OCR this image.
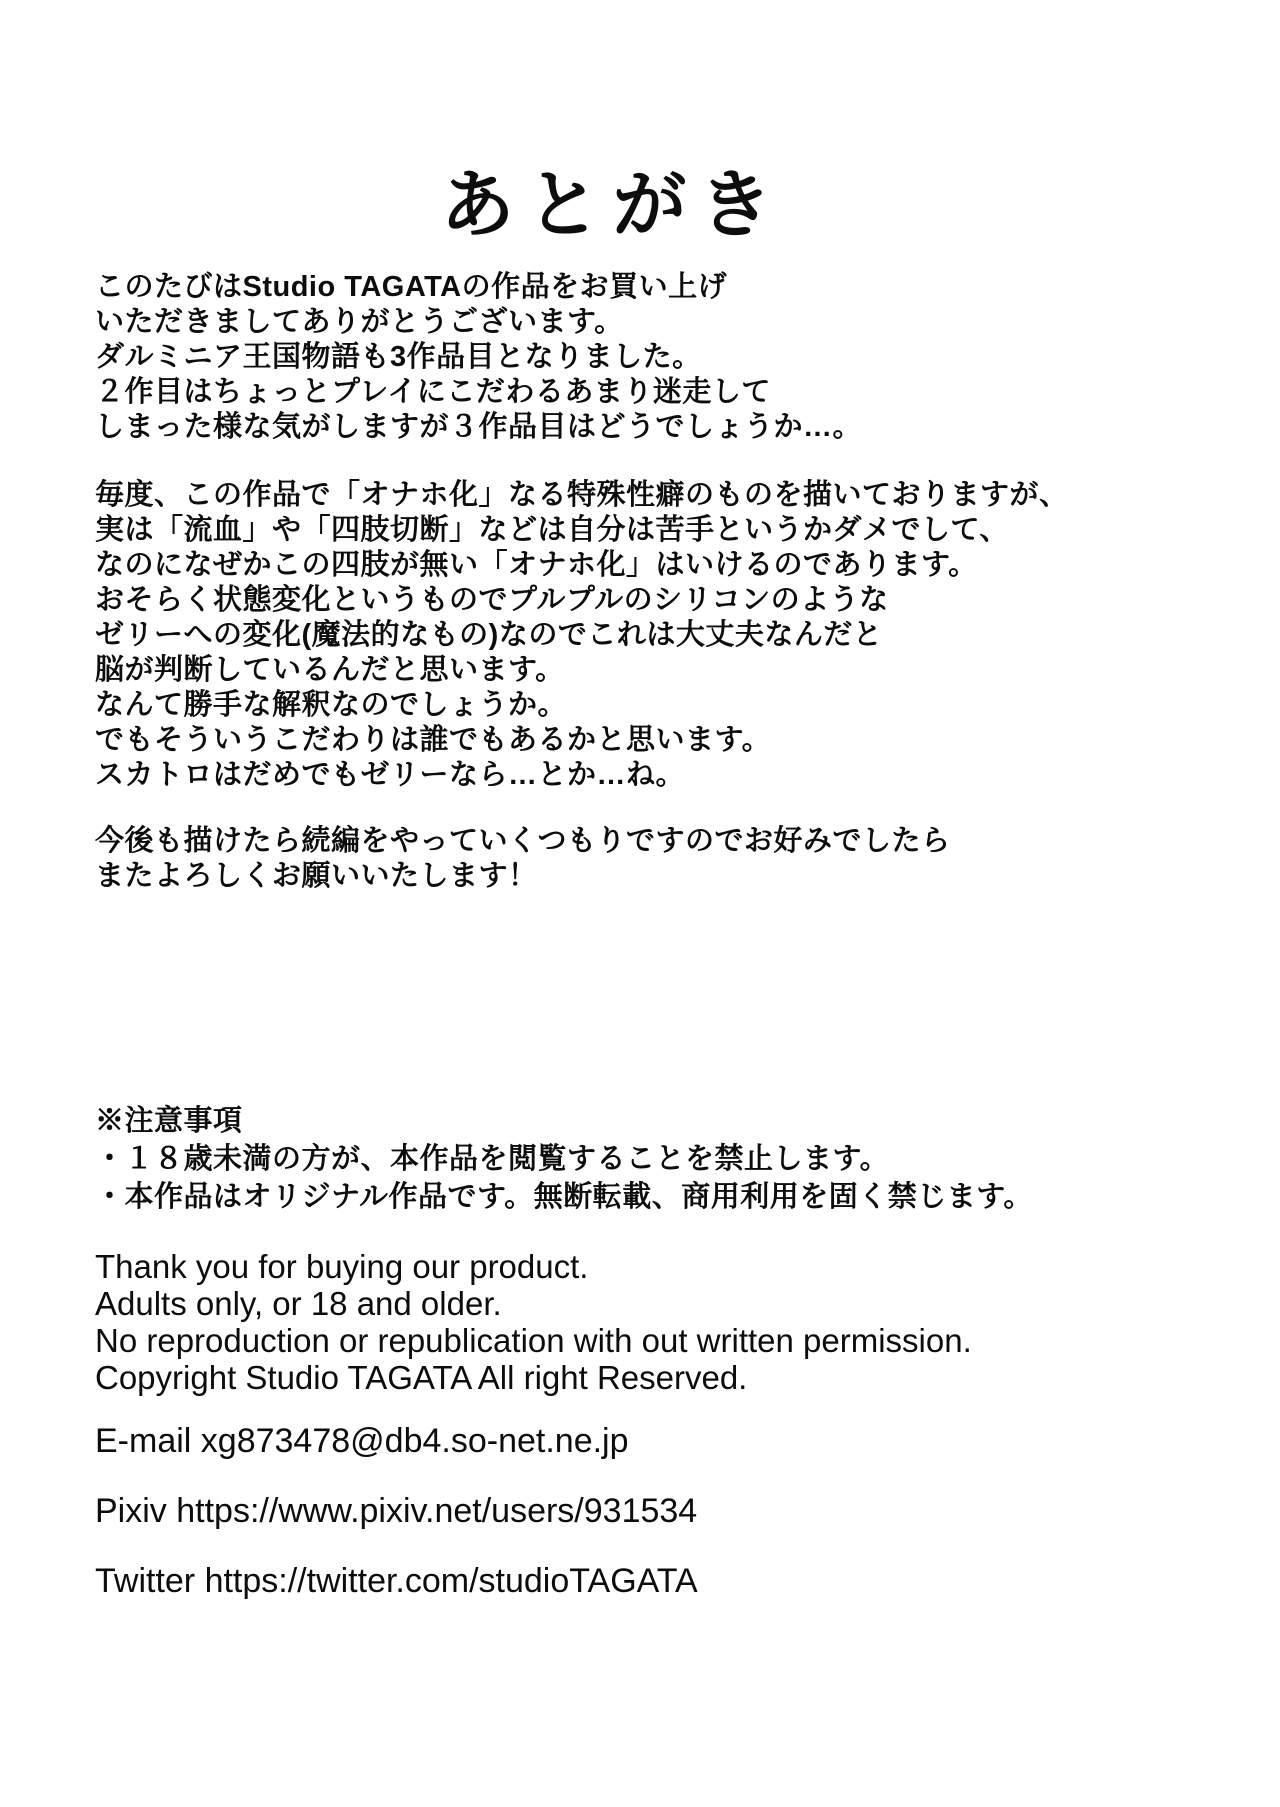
あとがき
このたびはStudio TAGATAの作品をお買い上げ
いただきましてありがとうございます。
ダルミニア王国物語も3作品目となりました。
２作目はちょっとプレイにこだわるあまり迷走して
しまった様な気がしますが３作品目はどうでしょうか…。
毎度、この作品で「オナホ化」なる特殊性癖のものを描いておりますが、
実は「流血」や「四肢切断」などは自分は苦手というかダメでして、
なのになぜかこの四肢が無い「オナホ化」はいけるのであります。
おそらく状態変化というものでプルプルのシリコンのような
ゼリーへの変化(魔法的なもの)なのでこれは大丈夫なんだと
脳が判断しているんだと思います。
なんて勝手な解釈なのでしょうか。
でもそういうこだわりは誰でもあるかと思います。
スカトロはだめでもゼリーなら…とか…ね。
今後も描けたら続編をやっていくつもりですのでお好みでしたら
またよろしくお願いいたします！
※注意事項
・１８歳未満の方が、本作品を閲覧することを禁止します。
・本作品はオリジナル作品です。無断転載、商用利用を固く禁じます。
Thank you for buying our product.
Adults only, or 18 and older.
No reproduction or republication with out written permission.
Copyright Studio TAGATA All right Reserved.
E-mail xg873478@db4.so-net.ne.jp
Pixiv https://www.pixiv.net/users/931534
Twitter https://twitter.com/studioTAGATA
